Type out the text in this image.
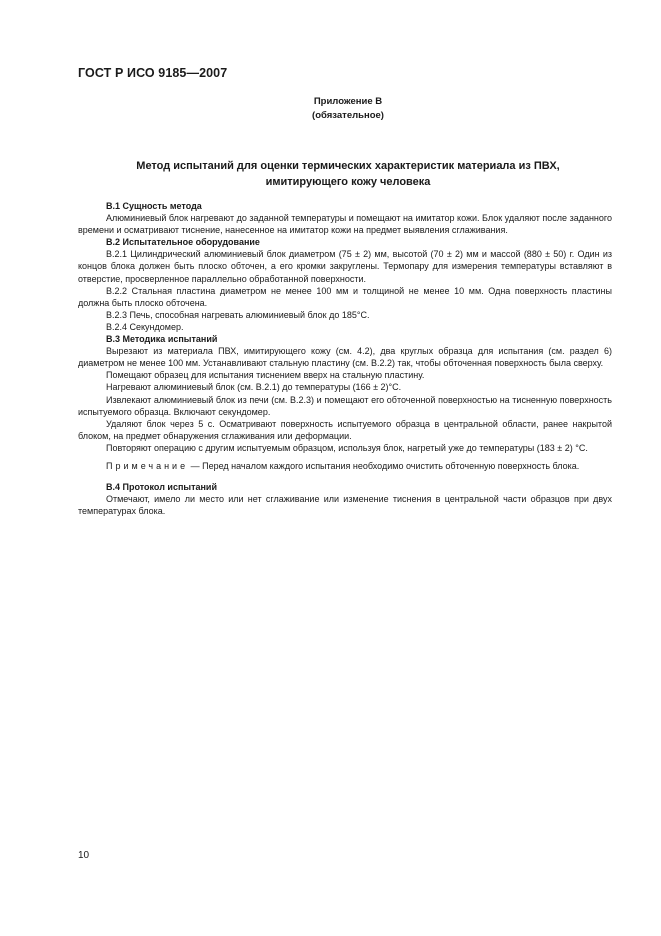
ГОСТ Р ИСО 9185—2007
Приложение В
(обязательное)
Метод испытаний для оценки термических характеристик материала из ПВХ,
имитирующего кожу человека

В.1 Сущность метода

Алюминиевый блок нагревают до заданной температуры и помещают на имитатор кожи. Блок удаляют после заданного времени и осматривают тиснение, нанесенное на имитатор кожи на предмет выявления сглаживания.

В.2 Испытательное оборудование

В.2.1 Цилиндрический алюминиевый блок диаметром (75 ± 2) мм, высотой (70 ± 2) мм и массой (880 ± 50) г. Один из концов блока должен быть плоско обточен, а его кромки закруглены. Термопару для измерения температуры вставляют в отверстие, просверленное параллельно обработанной поверхности.

В.2.2 Стальная пластина диаметром не менее 100 мм и толщиной не менее 10 мм. Одна поверхность пластины должна быть плоско обточена.

В.2.3 Печь, способная нагревать алюминиевый блок до 185°С.

В.2.4 Секундомер.

В.3 Методика испытаний

Вырезают из материала ПВХ, имитирующего кожу (см. 4.2), два круглых образца для испытания (см. раздел 6) диаметром не менее 100 мм. Устанавливают стальную пластину (см. В.2.2) так, чтобы обточенная поверхность была сверху.

Помещают образец для испытания тиснением вверх на стальную пластину.

Нагревают алюминиевый блок (см. В.2.1) до температуры (166 ± 2)°С.

Извлекают алюминиевый блок из печи (см. В.2.3) и помещают его обточенной поверхностью на тисненную поверхность испытуемого образца. Включают секундомер.

Удаляют блок через 5 с. Осматривают поверхность испытуемого образца в центральной области, ранее накрытой блоком, на предмет обнаружения сглаживания или деформации.

Повторяют операцию с другим испытуемым образцом, используя блок, нагретый уже до температуры (183 ± 2) °С.

Примечание — Перед началом каждого испытания необходимо очистить обточенную поверхность блока.

В.4 Протокол испытаний

Отмечают, имело ли место или нет сглаживание или изменение тиснения в центральной части образцов при двух температурах блока.

10
